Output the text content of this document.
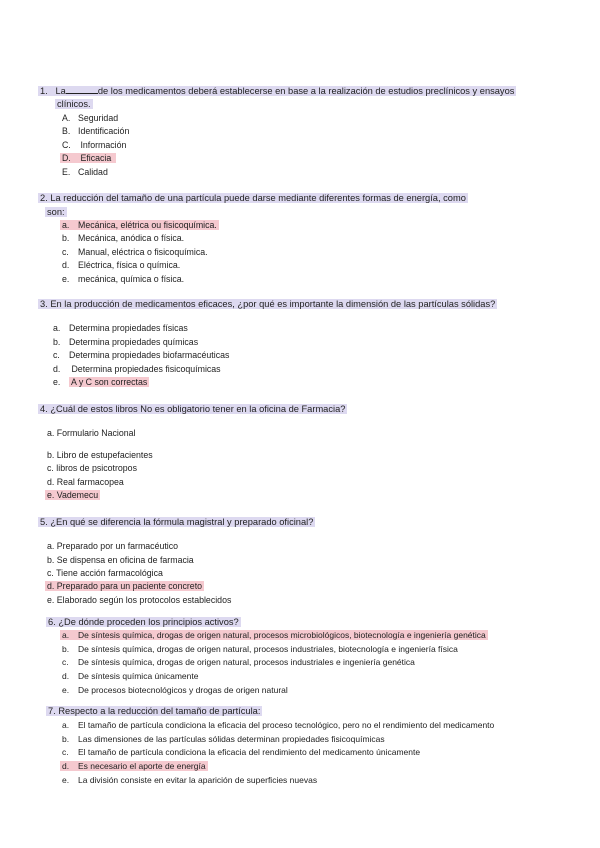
1. La	de los medicamentos deberá establecerse en base a la realización de estudios preclínicos y ensayos
clínicos.
A. Seguridad
B. Identificación
C. Información
D. Eficacia
E. Calidad
2. La reducción del tamaño de una partícula puede darse mediante diferentes formas de energía, como
son:
a. Mecánica, elétrica ou fisicoquímica.
b. Mecánica, anódica o física.
c. Manual, eléctrica o fisicoquímica.
d. Eléctrica, física o química.
e. mecánica, química o física.
3. En la producción de medicamentos eficaces, ¿por qué es importante la dimensión de las partículas sólidas?
a. Determina propiedades físicas
b. Determina propiedades químicas
c. Determina propiedades biofarmacéuticas
d. Determina propiedades fisicoquímicas
e. A y C son correctas
4. ¿Cuál de estos libros No es obligatorio tener en la oficina de Farmacia?
a. Formulario Nacional
b. Libro de estupefacientes
c. libros de psicotropos
d. Real farmacopea
e. Vademecu
5. ¿En qué se diferencia la fórmula magistral y preparado oficinal?
a. Preparado por un farmacéutico
b. Se dispensa en oficina de farmacia
c. Tiene acción farmacológica
d. Preparado para un paciente concreto
e. Elaborado según los protocolos establecidos
6. ¿De dónde proceden los principios activos?
a. De síntesis química, drogas de origen natural, procesos microbiológicos, biotecnología e ingeniería genética
b. De síntesis química, drogas de origen natural, procesos industriales, biotecnología e ingeniería física
c. De síntesis química, drogas de origen natural, procesos industriales e ingeniería genética
d. De síntesis química únicamente
e. De procesos biotecnológicos y drogas de origen natural
7. Respecto a la reducción del tamaño de partícula:
a. El tamaño de partícula condiciona la eficacia del proceso tecnológico, pero no el rendimiento del medicamento
b. Las dimensiones de las partículas sólidas determinan propiedades fisicoquímicas
c. El tamaño de partícula condiciona la eficacia del rendimiento del medicamento únicamente
d. Es necesario el aporte de energía
e. La división consiste en evitar la aparición de superficies nuevas
